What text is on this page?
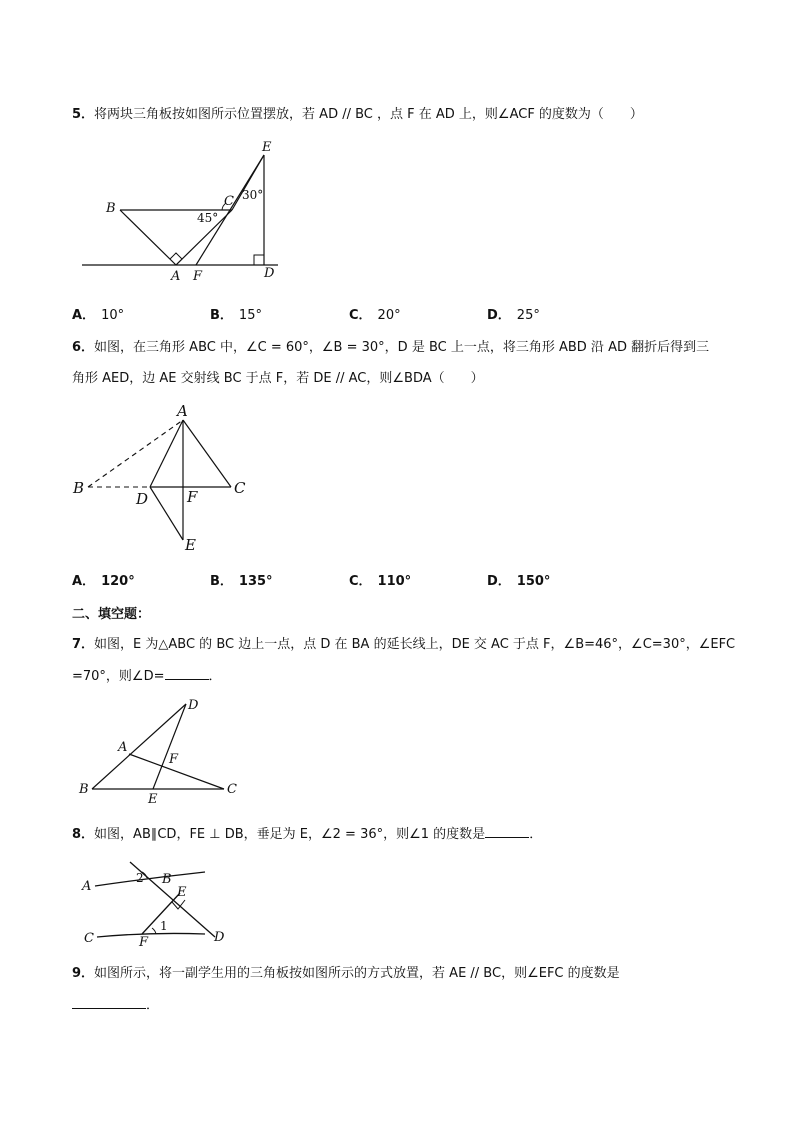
5．将两块三角板按如图所示位置摆放，若 AD // BC ，点 F 在 AD 上，则∠ACF 的度数为（　　）
E
B	C
A F	D
45°
30°
A． 10°	B． 15°	C． 20°	D． 25°
6．如图，在三角形 ABC 中，∠C = 60°，∠B = 30°，D 是 BC 上一点，将三角形 ABD 沿 AD 翻折后得到三
角形 AED，边 AE 交射线 BC 于点 F，若 DE // AC，则∠BDA（　　）
A
B
D	F C
E
A． 120°	B． 135°	C． 110°	D． 150°
二、填空题：
7．如图，E 为△ABC 的 BC 边上一点，点 D 在 BA 的延长线上，DE 交 AC 于点 F，∠B=46°，∠C=30°，∠EFC
=70°，则∠D=	．
D
A
F
B
E
C
8．如图，AB∥CD，FE ⊥ DB，垂足为 E，∠2 = 36°，则∠1 的度数是	．
A	B
E
C	F	D
1
2
9．如图所示，将一副学生用的三角板按如图所示的方式放置，若 AE // BC，则∠EFC 的度数是
．
